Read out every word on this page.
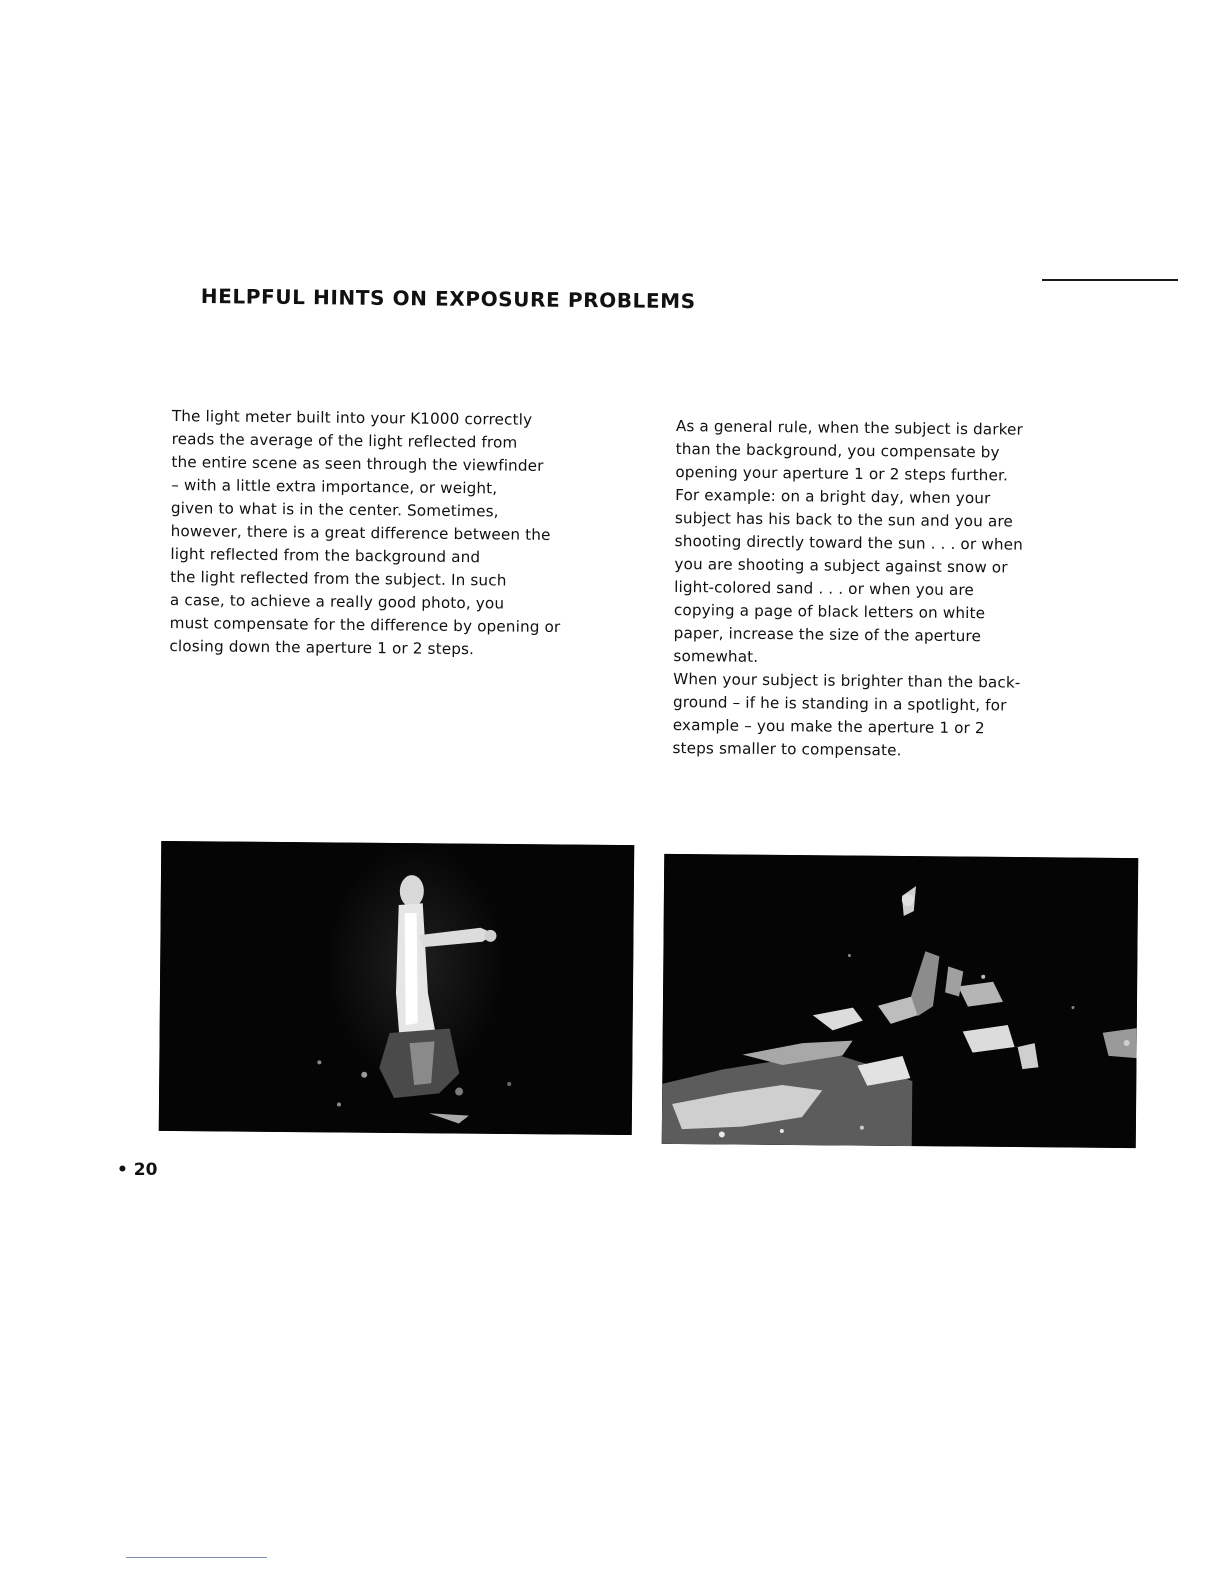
HELPFUL HINTS ON EXPOSURE PROBLEMS

The light meter built into your K1000 correctly

reads the average of the light reflected from

the entire scene as seen through the viewfinder

– with a little extra importance, or weight,

given to what is in the center. Sometimes,

however, there is a great difference between the

light reflected from the background and

the light reflected from the subject. In such

a case, to achieve a really good photo, you

must compensate for the difference by opening or

closing down the aperture 1 or 2 steps.

As a general rule, when the subject is darker

than the background, you compensate by

opening your aperture 1 or 2 steps further.

For example: on a bright day, when your

subject has his back to the sun and you are

shooting directly toward the sun . . . or when

you are shooting a subject against snow or

light-colored sand . . . or when you are

copying a page of black letters on white

paper, increase the size of the aperture

somewhat.

When your subject is brighter than the back-

ground – if he is standing in a spotlight, for

example – you make the aperture 1 or 2

steps smaller to compensate.

• 20
